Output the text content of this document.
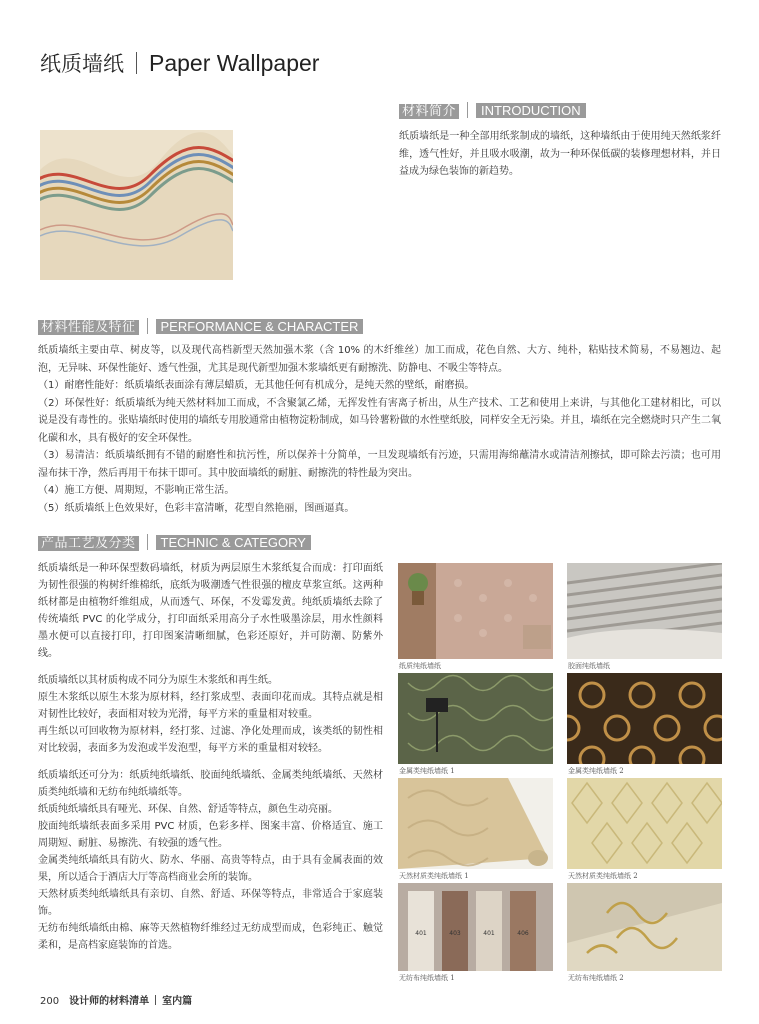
纸质墙纸 Paper Wallpaper
材料简介 INTRODUCTION

纸质墙纸是一种全部用纸浆制成的墙纸，这种墙纸由于使用纯天然纸浆纤维，透气性好，并且吸水吸潮，故为一种环保低碳的装修理想材料，并日益成为绿色装饰的新趋势。

材料性能及特征 PERFORMANCE & CHARACTER

纸质墙纸主要由草、树皮等，以及现代高档新型天然加强木浆（含 10% 的木纤维丝）加工而成，花色自然、大方、纯朴，粘贴技术简易，不易翘边、起泡，无异味、环保性能好、透气性强，尤其是现代新型加强木浆墙纸更有耐擦洗、防静电、不吸尘等特点。

（1）耐磨性能好：纸质墙纸表面涂有薄层蜡质，无其他任何有机成分，是纯天然的壁纸，耐磨损。

（2）环保性好：纸质墙纸为纯天然材料加工而成，不含聚氯乙烯，无挥发性有害离子析出，从生产技术、工艺和使用上来讲，与其他化工建材相比，可以说是没有毒性的。张贴墙纸时使用的墙纸专用胶通常由植物淀粉制成，如马铃薯粉做的水性壁纸胶，同样安全无污染。并且，墙纸在完全燃烧时只产生二氧化碳和水，具有极好的安全环保性。

（3）易清洁：纸质墙纸拥有不错的耐磨性和抗污性，所以保养十分简单，一旦发现墙纸有污迹，只需用海绵蘸清水或清洁剂擦拭，即可除去污渍；也可用湿布抹干净，然后再用干布抹干即可。其中胶面墙纸的耐脏、耐擦洗的特性最为突出。

（4）施工方便、周期短，不影响正常生活。

（5）纸质墙纸上色效果好，色彩丰富清晰，花型自然艳丽，图画逼真。

产品工艺及分类 TECHNIC & CATEGORY

纸质墙纸是一种环保型数码墙纸，材质为两层原生木浆纸复合而成：打印面纸为韧性很强的构树纤维棉纸，底纸为吸潮透气性很强的檀皮草浆宣纸。这两种纸材都是由植物纤维组成，从而透气、环保，不发霉发黄。纯纸质墙纸去除了传统墙纸 PVC 的化学成分，打印面纸采用高分子水性吸墨涂层，用水性颜料墨水便可以直接打印，打印图案清晰细腻，色彩还原好，并可防潮、防紫外线。

纸质墙纸以其材质构成不同分为原生木浆纸和再生纸。

原生木浆纸以原生木浆为原材料，经打浆成型、表面印花而成。其特点就是相对韧性比较好，表面相对较为光滑，每平方米的重量相对较重。

再生纸以可回收物为原材料，经打浆、过滤、净化处理而成，该类纸的韧性相对比较弱，表面多为发泡或半发泡型，每平方米的重量相对较轻。

纸质墙纸还可分为：纸质纯纸墙纸、胶面纯纸墙纸、金属类纯纸墙纸、天然材质类纯纸墙和无纺布纯纸墙纸等。

纸质纯纸墙纸具有哑光、环保、自然、舒适等特点，颜色生动亮丽。

胶面纯纸墙纸表面多采用 PVC 材质，色彩多样、图案丰富、价格适宜、施工周期短、耐脏、易擦洗、有较强的透气性。

金属类纯纸墙纸具有防火、防水、华丽、高贵等特点，由于具有金属表面的效果，所以适合于酒店大厅等高档商业会所的装饰。

天然材质类纯纸墙纸具有亲切、自然、舒适、环保等特点，非常适合于家庭装饰。

无纺布纯纸墙纸由棉、麻等天然植物纤维经过无纺成型而成，色彩纯正、触觉柔和，是高档家庭装饰的首选。

纸质纯纸墙纸	胶面纯纸墙纸
金属类纯纸墙纸 1	金属类纯纸墙纸 2
天然材质类纯纸墙纸 1	天然材质类纯纸墙纸 2
401	403	401	406
无纺布纯纸墙纸 1	无纺布纯纸墙纸 2
200 设计师的材料清单 室内篇
